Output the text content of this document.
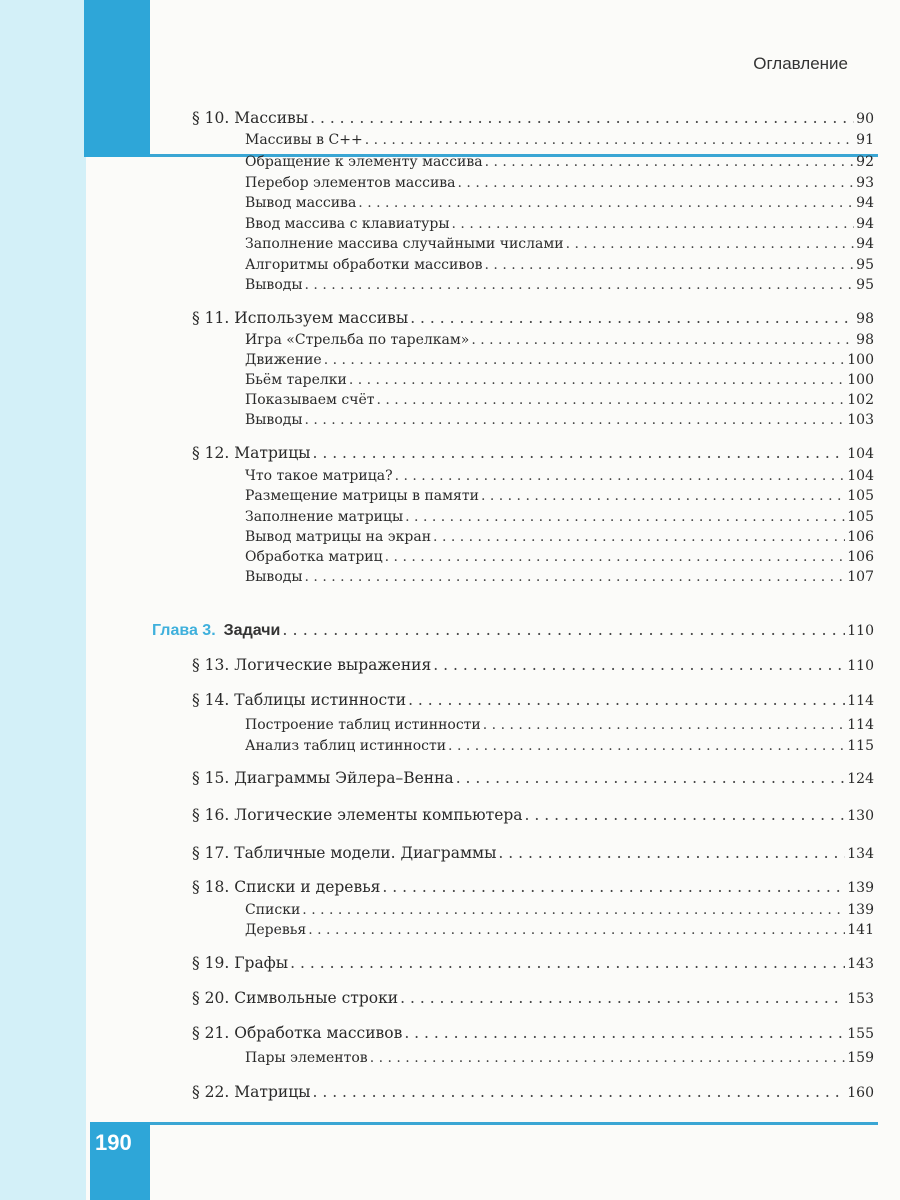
Оглавление
§ 10. Массивы . . .	90
Массивы в С++ . . .	91
Обращение к элементу массива . . .	92
Перебор элементов массива . . .	93
Вывод массива . . .	94
Ввод массива с клавиатуры . . .	94
Заполнение массива случайными числами . . .	94
Алгоритмы обработки массивов . . .	95
Выводы . . .	95
§ 11. Используем массивы . . .	98
Игра «Стрельба по тарелкам» . . .	98
Движение . . .	100
Бьём тарелки . . .	100
Показываем счёт . . .	102
Выводы . . .	103
§ 12. Матрицы . . .	104
Что такое матрица? . . .	104
Размещение матрицы в памяти . . .	105
Заполнение матрицы . . .	105
Вывод матрицы на экран . . .	106
Обработка матриц . . .	106
Выводы . . .	107
Глава 3. Задачи . . .	110
§ 13. Логические выражения . . .	110
§ 14. Таблицы истинности . . .	114
Построение таблиц истинности . . .	114
Анализ таблиц истинности . . .	115
§ 15. Диаграммы Эйлера–Венна . . .	124
§ 16. Логические элементы компьютера . . .	130
§ 17. Табличные модели. Диаграммы . . .	134
§ 18. Списки и деревья . . .	139
Списки . . .	139
Деревья . . .	141
§ 19. Графы . . .	143
§ 20. Символьные строки . . .	153
§ 21. Обработка массивов . . .	155
Пары элементов . . .	159
§ 22. Матрицы . . .	160
190
